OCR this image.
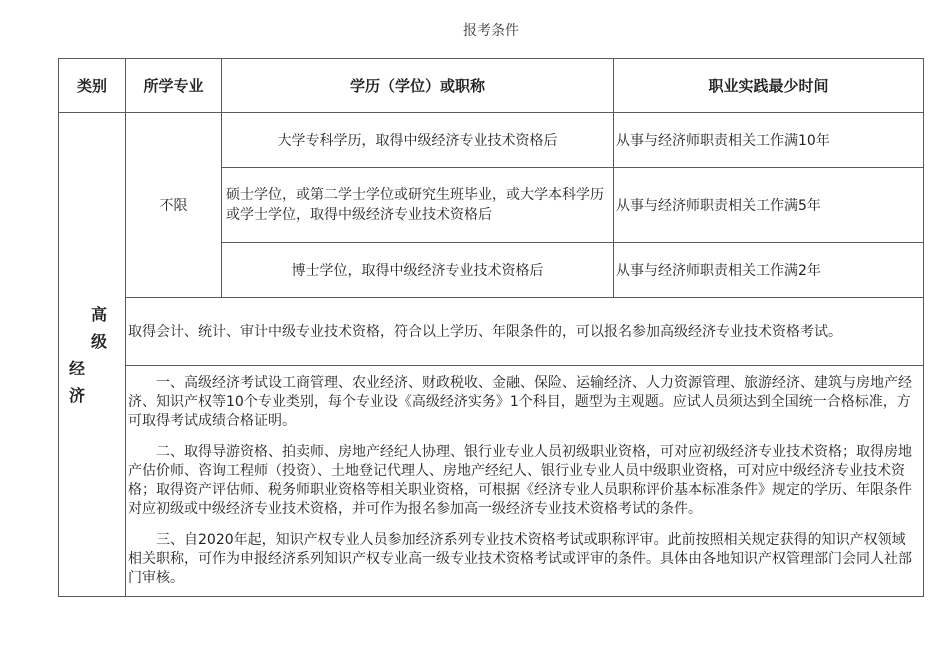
报考条件
类别	所学专业	学历（学位）或职称	职业实践最少时间

高
级
经
济	不限	大学专科学历，取得中级经济专业技术资格后	从事与经济师职责相关工作满10年
		硕士学位，或第二学士学位或研究生班毕业，或大学本科学历或学士学位，取得中级经济专业技术资格后	从事与经济师职责相关工作满5年
		博士学位，取得中级经济专业技术资格后	从事与经济师职责相关工作满2年
	取得会计、统计、审计中级专业技术资格，符合以上学历、年限条件的，可以报名参加高级经济专业技术资格考试。		

	一、高级经济考试设工商管理、农业经济、财政税收、金融、保险、运输经济、人力资源管理、旅游经济、建筑与房地产经济、知识产权等10个专业类别，每个专业设《高级经济实务》1个科目，题型为主观题。应试人员须达到全国统一合格标准，方可取得考试成绩合格证明。

二、取得导游资格、拍卖师、房地产经纪人协理、银行业专业人员初级职业资格，可对应初级经济专业技术资格；取得房地产估价师、咨询工程师（投资）、土地登记代理人、房地产经纪人、银行业专业人员中级职业资格，可对应中级经济专业技术资格；取得资产评估师、税务师职业资格等相关职业资格，可根据《经济专业人员职称评价基本标准条件》规定的学历、年限条件对应初级或中级经济专业技术资格，并可作为报名参加高一级经济专业技术资格考试的条件。

三、自2020年起，知识产权专业人员参加经济系列专业技术资格考试或职称评审。此前按照相关规定获得的知识产权领域相关职称，可作为申报经济系列知识产权专业高一级专业技术资格考试或评审的条件。具体由各地知识产权管理部门会同人社部门审核。		
